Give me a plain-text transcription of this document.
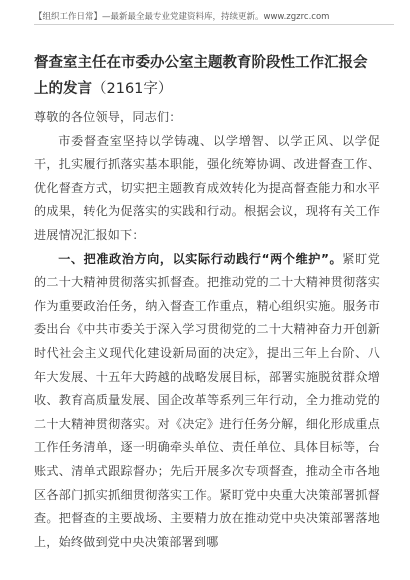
【组织工作日常】—最新最全最专业党建资料库，持续更新。www.zgzrc.com
督查室主任在市委办公室主题教育阶段性工作汇报会上的发言（2161字）

尊敬的各位领导，同志们：

市委督查室坚持以学铸魂、以学增智、以学正风、以学促干，扎实履行抓落实基本职能，强化统筹协调、改进督查工作、优化督查方式，切实把主题教育成效转化为提高督查能力和水平的成果，转化为促落实的实践和行动。根据会议，现将有关工作进展情况汇报如下：

一、把准政治方向，以实际行动践行“两个维护”。紧盯党的二十大精神贯彻落实抓督查。把推动党的二十大精神贯彻落实作为重要政治任务，纳入督查工作重点，精心组织实施。服务市委出台《中共市委关于深入学习贯彻党的二十大精神奋力开创新时代社会主义现代化建设新局面的决定》，提出三年上台阶、八年大发展、十五年大跨越的战略发展目标，部署实施脱贫群众增收、教育高质量发展、国企改革等系列三年行动，全力推动党的二十大精神贯彻落实。对《决定》进行任务分解，细化形成重点工作任务清单，逐一明确牵头单位、责任单位、具体目标等，台账式、清单式跟踪督办；先后开展多次专项督查，推动全市各地区各部门抓实抓细贯彻落实工作。紧盯党中央重大决策部署抓督查。把督查的主要战场、主要精力放在推动党中央决策部署落地上，始终做到党中央决策部署到哪
